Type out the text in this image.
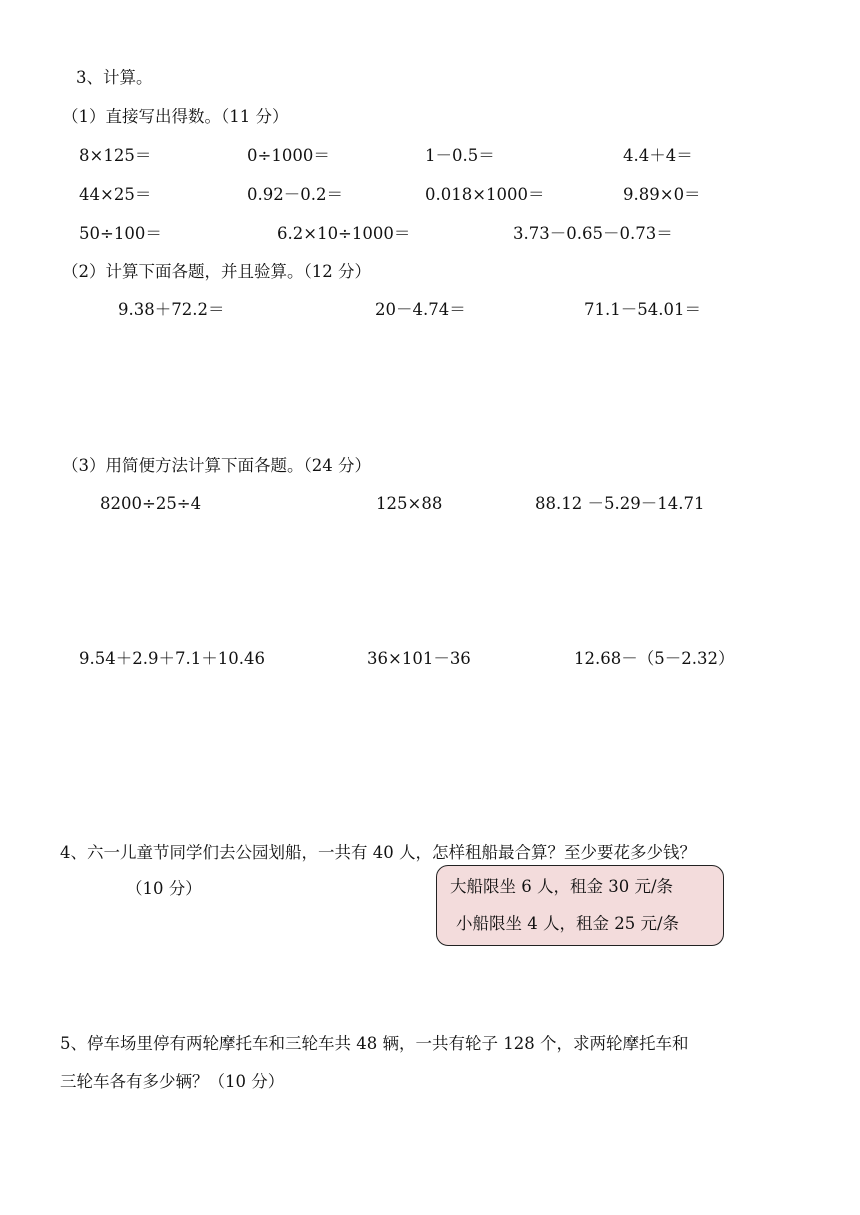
3、计算。
（1）直接写出得数。（11 分）
8×125＝	0÷1000＝	1－0.5＝	4.4＋4＝
44×25＝	0.92－0.2＝	0.018×1000＝	9.89×0＝
50÷100＝	6.2×10÷1000＝	3.73－0.65－0.73＝
（2）计算下面各题，并且验算。（12 分）
9.38＋72.2＝	20－4.74＝	71.1－54.01＝
（3）用简便方法计算下面各题。（24 分）
8200÷25÷4	125×88	88.12 －5.29－14.71
9.54＋2.9＋7.1＋10.46	36×101－36	12.68－（5－2.32）
4、六一儿童节同学们去公园划船，一共有 40 人，怎样租船最合算？至少要花多少钱？
（10 分）	大船限坐 6 人，租金 30 元/条
小船限坐 4 人，租金 25 元/条
5、停车场里停有两轮摩托车和三轮车共 48 辆，一共有轮子 128 个，求两轮摩托车和
三轮车各有多少辆？（10 分）
